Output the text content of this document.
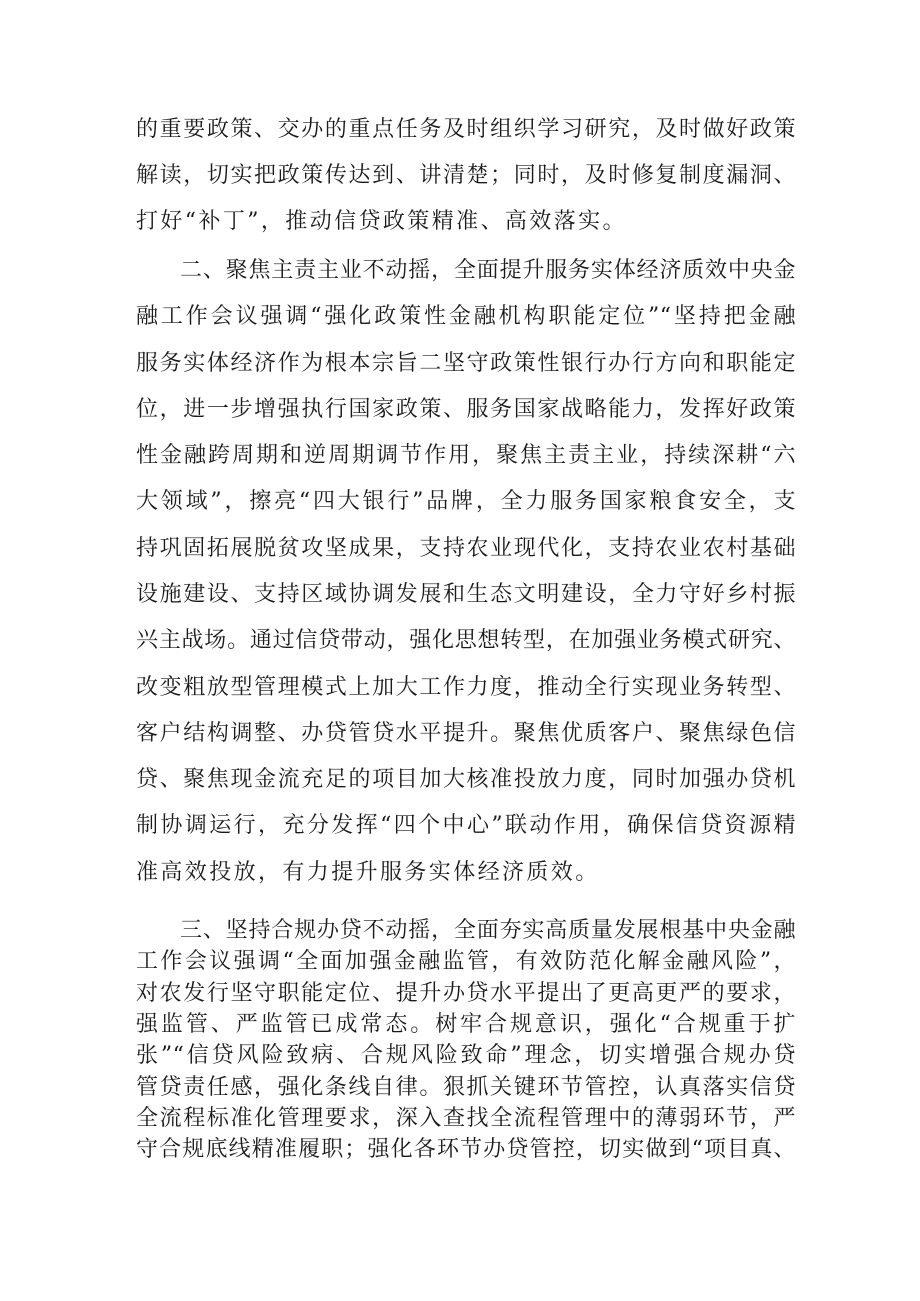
的重要政策、交办的重点任务及时组织学习研究，及时做好政策
解读，切实把政策传达到、讲清楚；同时，及时修复制度漏洞、
打好“补丁”，推动信贷政策精准、高效落实。
二、聚焦主责主业不动摇，全面提升服务实体经济质效中央金
融工作会议强调“强化政策性金融机构职能定位”“坚持把金融
服务实体经济作为根本宗旨二坚守政策性银行办行方向和职能定
位，进一步增强执行国家政策、服务国家战略能力，发挥好政策
性金融跨周期和逆周期调节作用，聚焦主责主业，持续深耕“六
大领域”，擦亮“四大银行”品牌，全力服务国家粮食安全，支
持巩固拓展脱贫攻坚成果，支持农业现代化，支持农业农村基础
设施建设、支持区域协调发展和生态文明建设，全力守好乡村振
兴主战场。通过信贷带动，强化思想转型，在加强业务模式研究、
改变粗放型管理模式上加大工作力度，推动全行实现业务转型、
客户结构调整、办贷管贷水平提升。聚焦优质客户、聚焦绿色信
贷、聚焦现金流充足的项目加大核准投放力度，同时加强办贷机
制协调运行，充分发挥“四个中心”联动作用，确保信贷资源精
准高效投放，有力提升服务实体经济质效。
三、坚持合规办贷不动摇，全面夯实高质量发展根基中央金融
工作会议强调“全面加强金融监管，有效防范化解金融风险”，
对农发行坚守职能定位、提升办贷水平提出了更高更严的要求，
强监管、严监管已成常态。树牢合规意识，强化“合规重于扩
张”“信贷风险致病、合规风险致命”理念，切实增强合规办贷
管贷责任感，强化条线自律。狠抓关键环节管控，认真落实信贷
全流程标准化管理要求，深入查找全流程管理中的薄弱环节，严
守合规底线精准履职；强化各环节办贷管控，切实做到“项目真、
